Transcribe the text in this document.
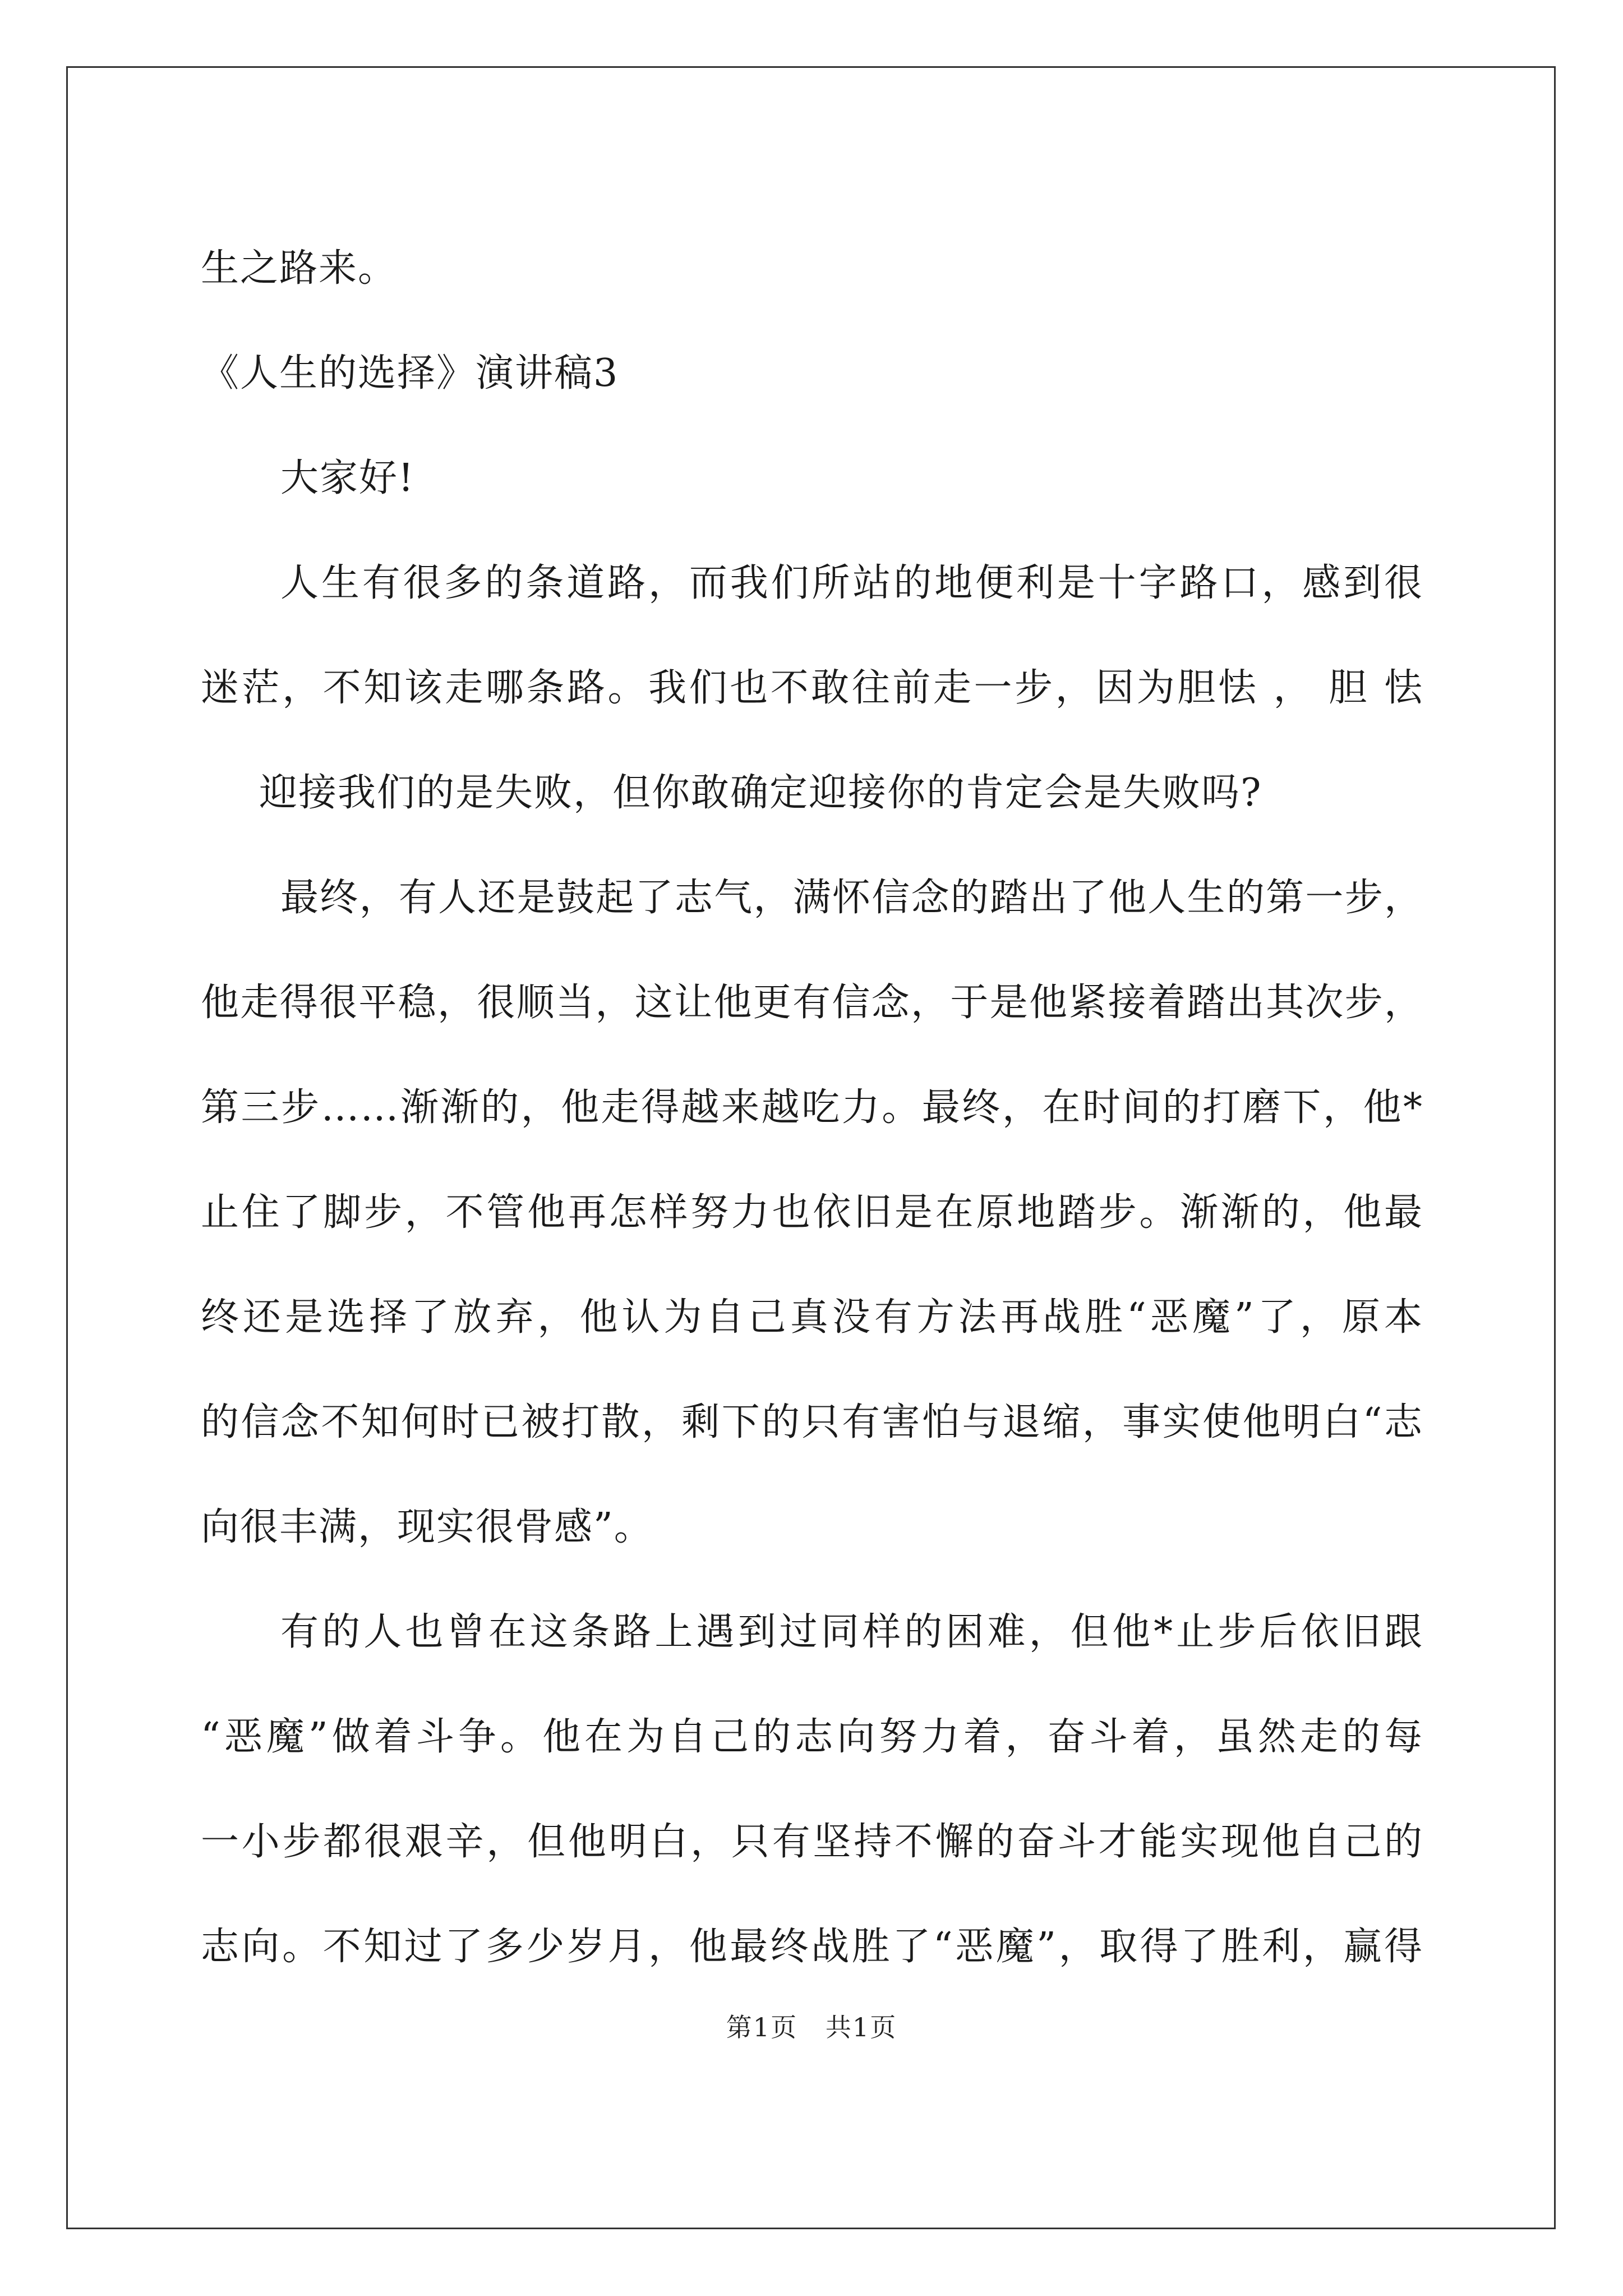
生之路来。
《人生的选择》演讲稿3
大家好!
人生有很多的条道路，而我们所站的地便利是十字路口，感到很
迷茫，不知该走哪条路。我们也不敢往前走一步，因为胆怯 ， 胆 怯
迎接我们的是失败，但你敢确定迎接你的肯定会是失败吗?
最终，有人还是鼓起了志气，满怀信念的踏出了他人生的第一步，
他走得很平稳，很顺当，这让他更有信念，于是他紧接着踏出其次步，
第三步……渐渐的，他走得越来越吃力。最终，在时间的打磨下，他*
止住了脚步，不管他再怎样努力也依旧是在原地踏步。渐渐的，他最
终还是选择了放弃，他认为自己真没有方法再战胜“恶魔”了，原本
的信念不知何时已被打散，剩下的只有害怕与退缩，事实使他明白“志
向很丰满，现实很骨感”。
有的人也曾在这条路上遇到过同样的困难，但他*止步后依旧跟
“恶魔”做着斗争。他在为自己的志向努力着，奋斗着，虽然走的每
一小步都很艰辛，但他明白，只有坚持不懈的奋斗才能实现他自己的
志向。不知过了多少岁月，他最终战胜了“恶魔”，取得了胜利，赢得
第1页   共1页
